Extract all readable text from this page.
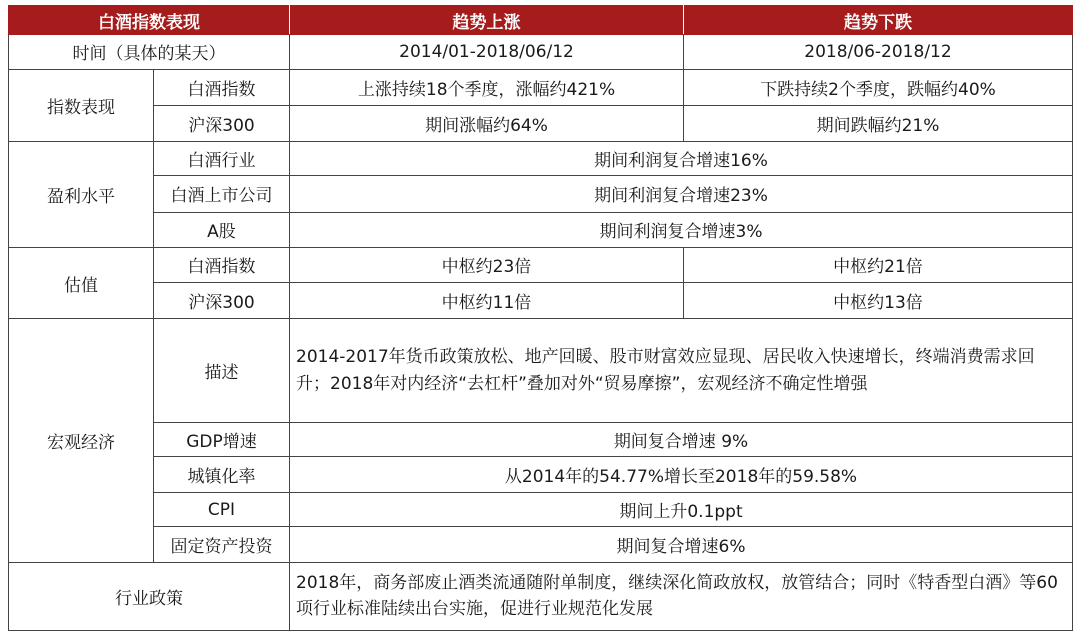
白酒指数表现		趋势上涨	趋势下跌
时间（具体的某天）		2014/01-2018/06/12	2018/06-2018/12
指数表现	白酒指数	上涨持续18个季度，涨幅约421%	下跌持续2个季度，跌幅约40%
	沪深300	期间涨幅约64%	期间跌幅约21%
盈利水平	白酒行业	期间利润复合增速16%	
	白酒上市公司	期间利润复合增速23%	
	A股	期间利润复合增速3%	
估值	白酒指数	中枢约23倍	中枢约21倍
	沪深300	中枢约11倍	中枢约13倍
宏观经济	描述	2014-2017年货币政策放松、地产回暖、股市财富效应显现、居民收入快速增长，终端消费需求回升；2018年对内经济“去杠杆”叠加对外“贸易摩擦”，宏观经济不确定性增强	
	GDP增速	期间复合增速 9%	
	城镇化率	从2014年的54.77%增长至2018年的59.58%	
	CPI	期间上升0.1ppt	
	固定资产投资	期间复合增速6%	
行业政策		2018年，商务部废止酒类流通随附单制度，继续深化简政放权，放管结合；同时《特香型白酒》等60项行业标准陆续出台实施，促进行业规范化发展	
